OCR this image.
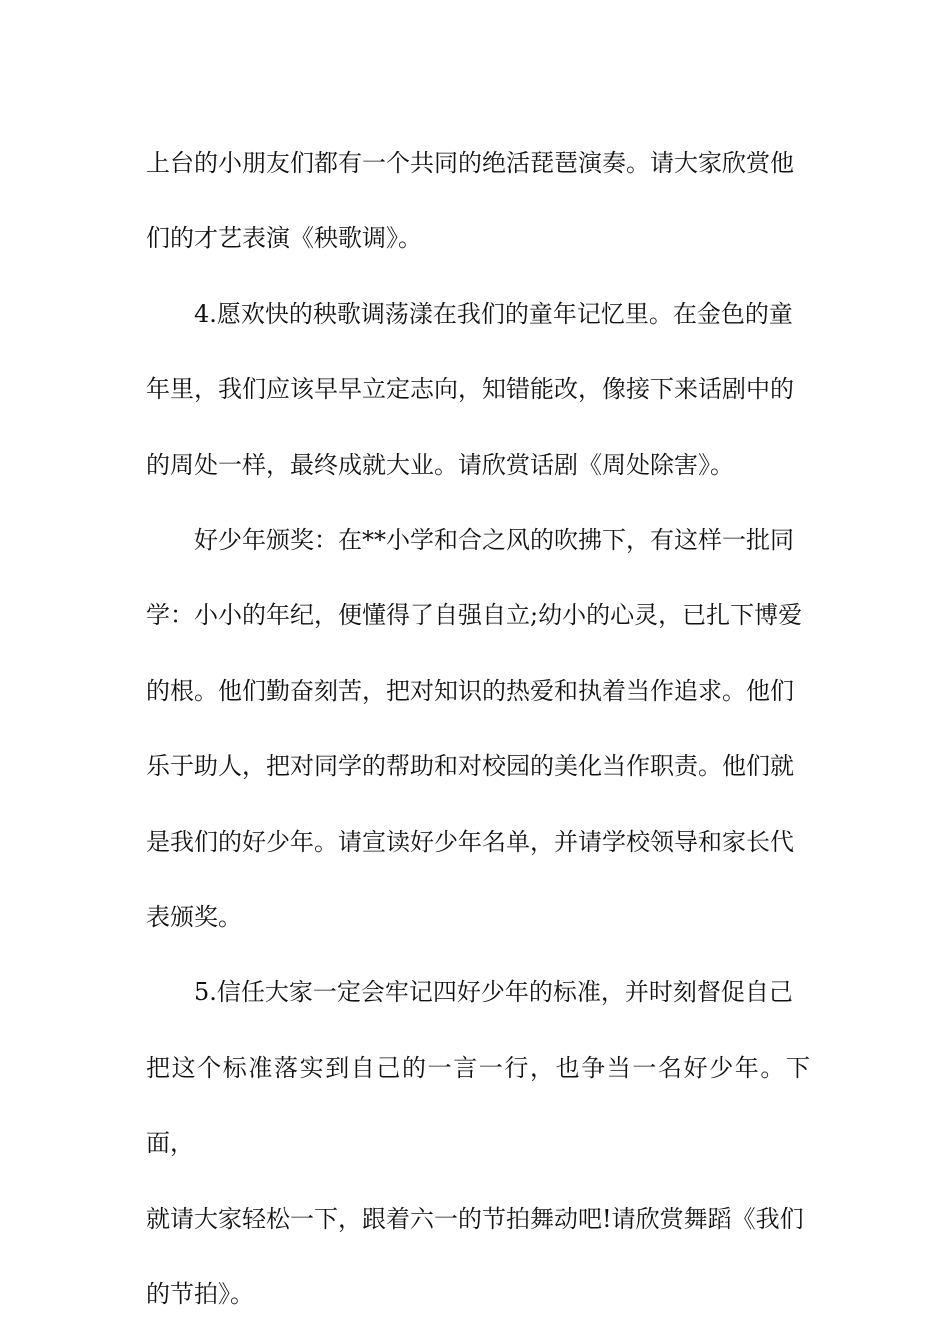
上台的小朋友们都有一个共同的绝活琵琶演奏。请大家欣赏他
们的才艺表演《秧歌调》。
4.愿欢快的秧歌调荡漾在我们的童年记忆里。在金色的童
年里，我们应该早早立定志向，知错能改，像接下来话剧中的
的周处一样，最终成就大业。请欣赏话剧《周处除害》。
好少年颁奖：在**小学和合之风的吹拂下，有这样一批同
学：小小的年纪，便懂得了自强自立;幼小的心灵，已扎下博爱
的根。他们勤奋刻苦，把对知识的热爱和执着当作追求。他们
乐于助人，把对同学的帮助和对校园的美化当作职责。他们就
是我们的好少年。请宣读好少年名单，并请学校领导和家长代
表颁奖。
5.信任大家一定会牢记四好少年的标准，并时刻督促自己
把这个标准落实到自己的一言一行，也争当一名好少年。下面，
就请大家轻松一下，跟着六一的节拍舞动吧!请欣赏舞蹈《我们
的节拍》。
